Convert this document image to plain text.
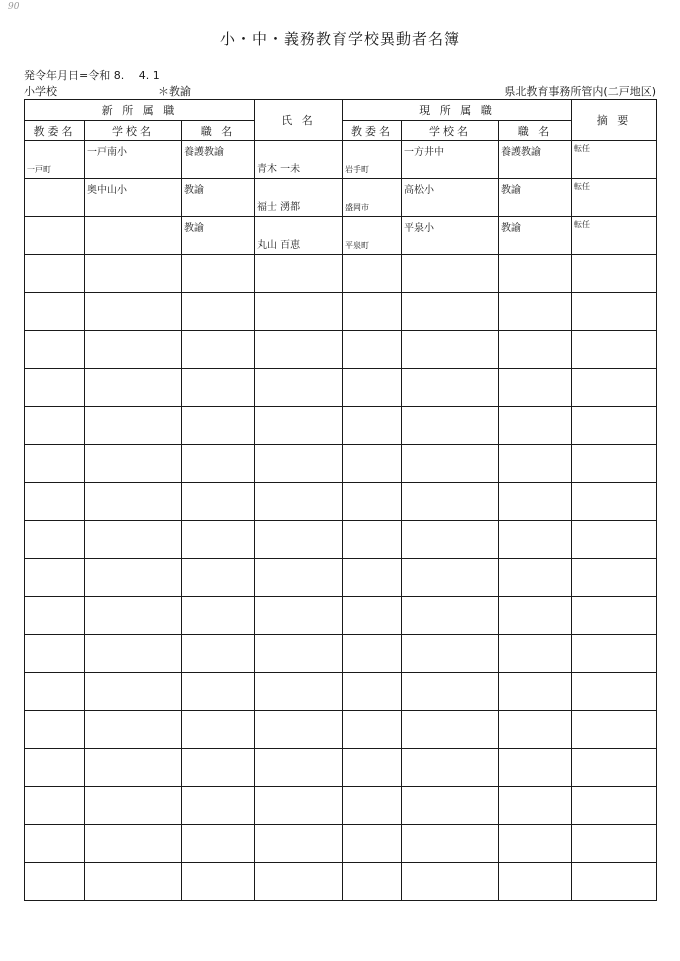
90
小・中・義務教育学校異動者名簿
発令年月日=令和 8.　 4. 1
小学校	＊教諭	県北教育事務所管内(二戸地区)
新 所 属 職			氏 名	現 所 属 職			摘 要
教委名	学校名	職 名		教委名	学校名	職 名	

一戸町	一戸南小	養護教諭	青木 一未	岩手町	一方井中	養護教諭	転任

	奥中山小	教諭	福士 湧都	盛岡市	高松小	教諭	転任

		教諭	丸山 百恵	平泉町	平泉小	教諭	転任
